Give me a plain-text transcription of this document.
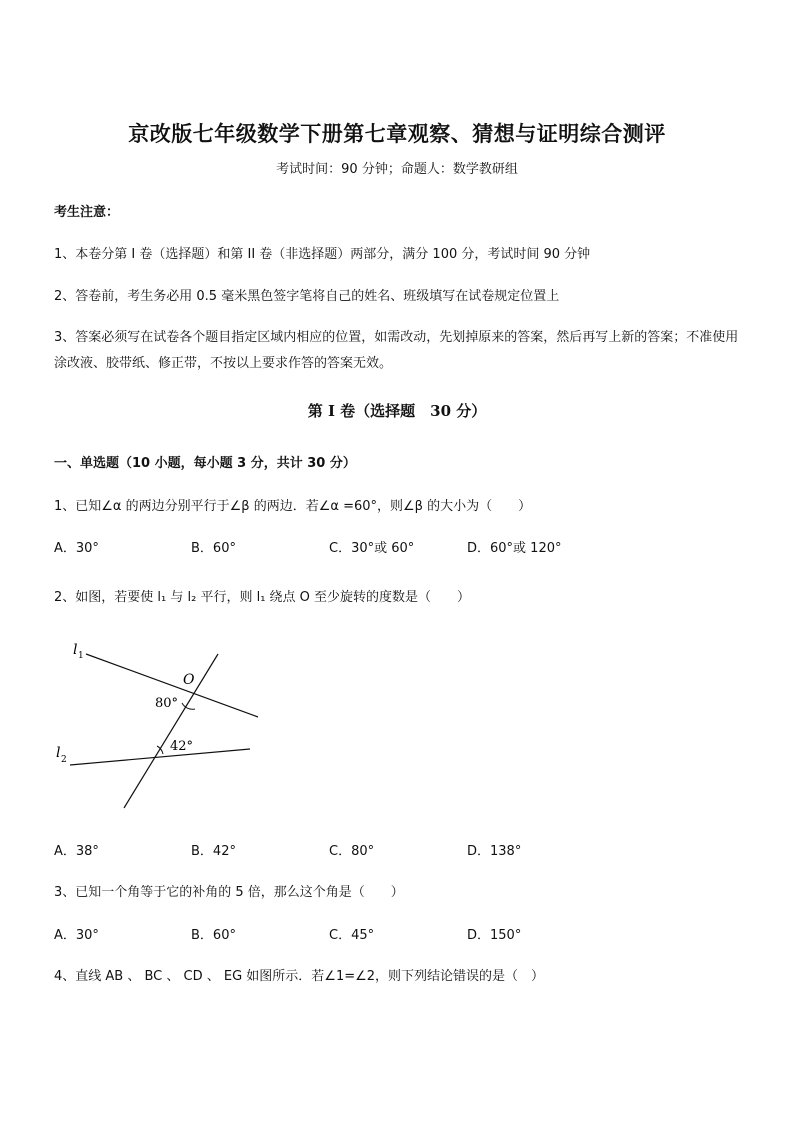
京改版七年级数学下册第七章观察、猜想与证明综合测评
考试时间：90 分钟；命题人：数学教研组
考生注意：
1、本卷分第 I 卷（选择题）和第 II 卷（非选择题）两部分，满分 100 分，考试时间 90 分钟
2、答卷前，考生务必用 0.5 毫米黑色签字笔将自己的姓名、班级填写在试卷规定位置上
3、答案必须写在试卷各个题目指定区域内相应的位置，如需改动，先划掉原来的答案，然后再写上新的答案；不准使用涂改液、胶带纸、修正带，不按以上要求作答的答案无效。
第 I 卷（选择题　30 分）
一、单选题（10 小题，每小题 3 分，共计 30 分）
1、已知∠α 的两边分别平行于∠β 的两边．若∠α =60°，则∠β 的大小为（　　）
A．30°	B．60°	C．30°或 60°	D．60°或 120°
2、如图，若要使 l₁ 与 l₂ 平行，则 l₁ 绕点 O 至少旋转的度数是（　　）
l 1
l 2
O
80°
42°
A．38°	B．42°	C．80°	D．138°
3、已知一个角等于它的补角的 5 倍，那么这个角是（　　）
A．30°	B．60°	C．45°	D．150°
4、直线 AB 、 BC 、 CD 、 EG 如图所示．若∠1=∠2，则下列结论错误的是（　）
